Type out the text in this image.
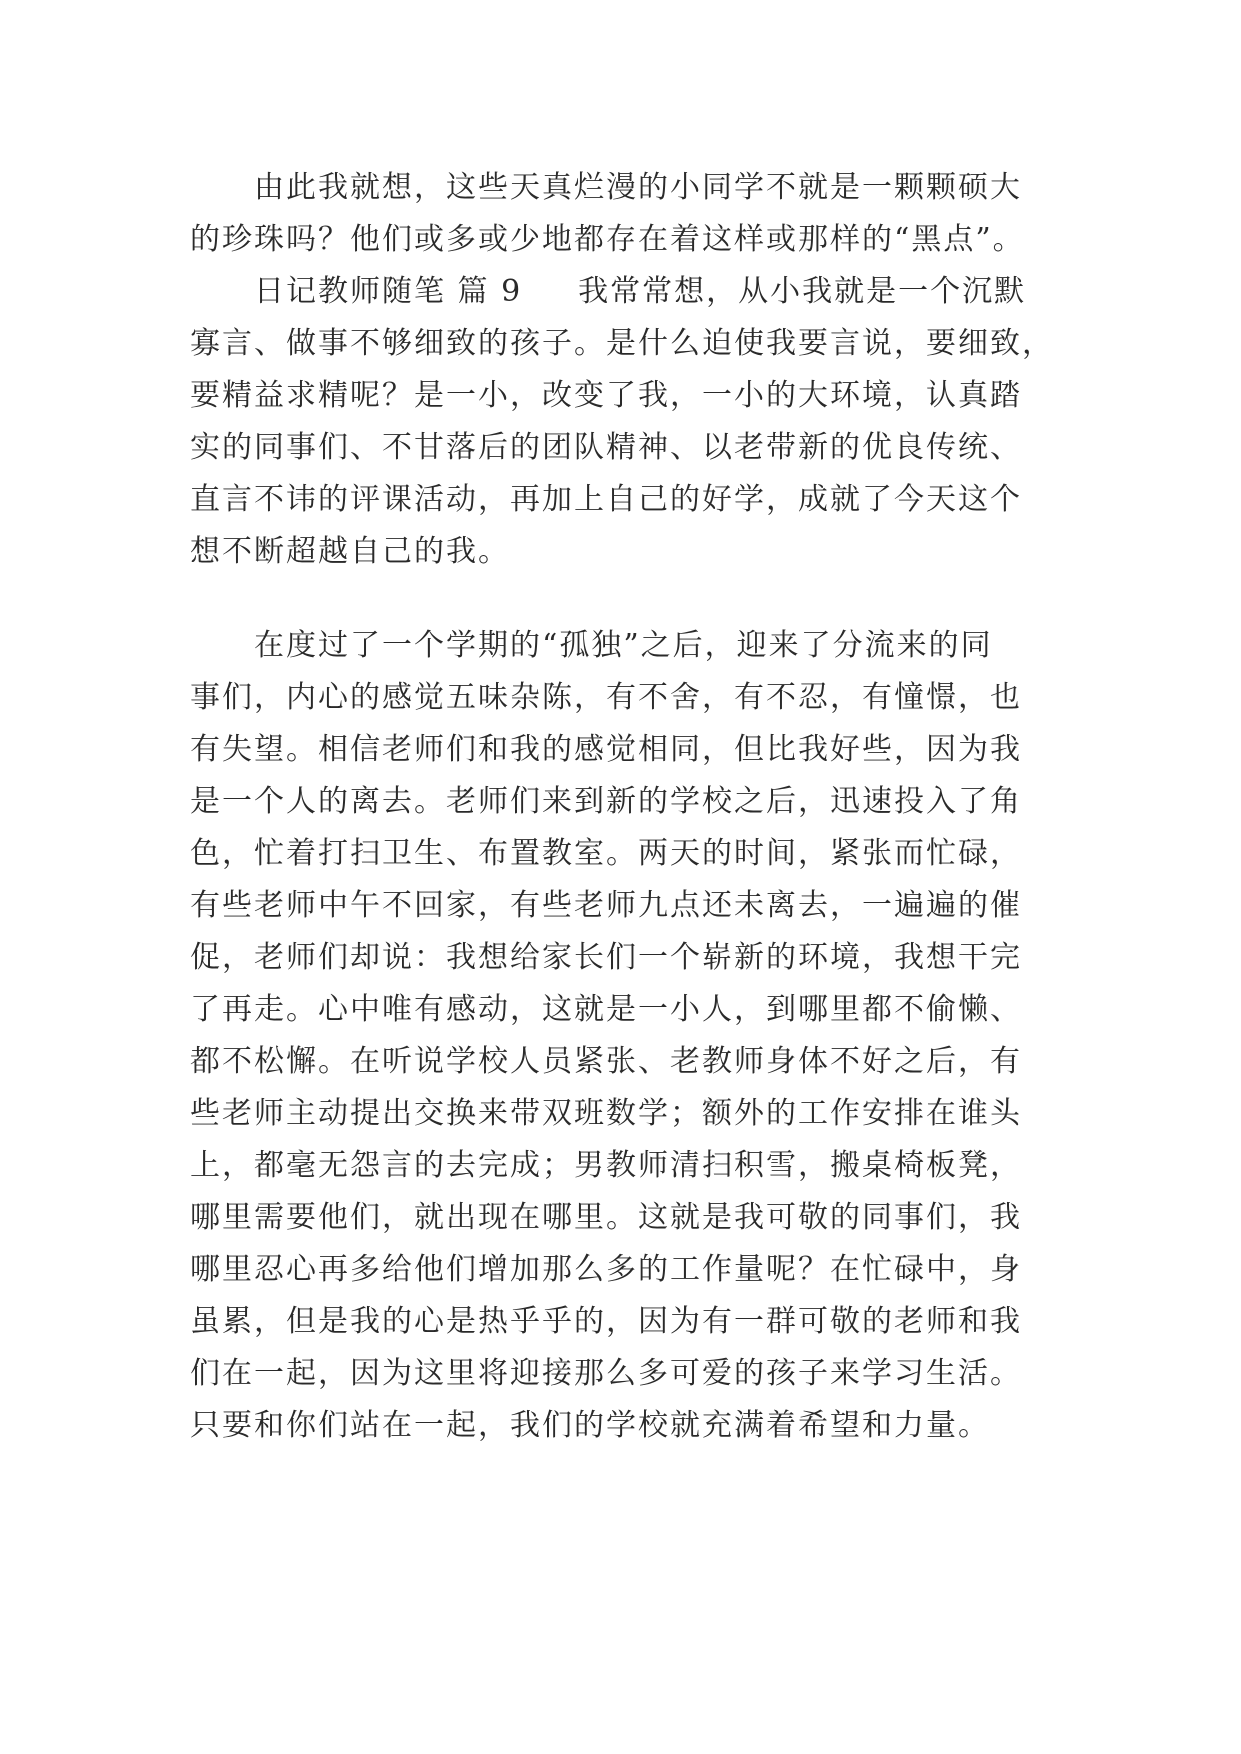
由此我就想，这些天真烂漫的小同学不就是一颗颗硕大
的珍珠吗？他们或多或少地都存在着这样或那样的“黑点”。
日记教师随笔 篇 9 我常常想，从小我就是一个沉默
寡言、做事不够细致的孩子。是什么迫使我要言说，要细致，
要精益求精呢？是一小，改变了我，一小的大环境，认真踏
实的同事们、不甘落后的团队精神、以老带新的优良传统、
直言不讳的评课活动，再加上自己的好学，成就了今天这个
想不断超越自己的我。
在度过了一个学期的“孤独”之后，迎来了分流来的同
事们，内心的感觉五味杂陈，有不舍，有不忍，有憧憬，也
有失望。相信老师们和我的感觉相同，但比我好些，因为我
是一个人的离去。老师们来到新的学校之后，迅速投入了角
色，忙着打扫卫生、布置教室。两天的时间，紧张而忙碌，
有些老师中午不回家，有些老师九点还未离去，一遍遍的催
促，老师们却说：我想给家长们一个崭新的环境，我想干完
了再走。心中唯有感动，这就是一小人，到哪里都不偷懒、
都不松懈。在听说学校人员紧张、老教师身体不好之后，有
些老师主动提出交换来带双班数学；额外的工作安排在谁头
上，都毫无怨言的去完成；男教师清扫积雪，搬桌椅板凳，
哪里需要他们，就出现在哪里。这就是我可敬的同事们，我
哪里忍心再多给他们增加那么多的工作量呢？在忙碌中，身
虽累，但是我的心是热乎乎的，因为有一群可敬的老师和我
们在一起，因为这里将迎接那么多可爱的孩子来学习生活。
只要和你们站在一起，我们的学校就充满着希望和力量。
